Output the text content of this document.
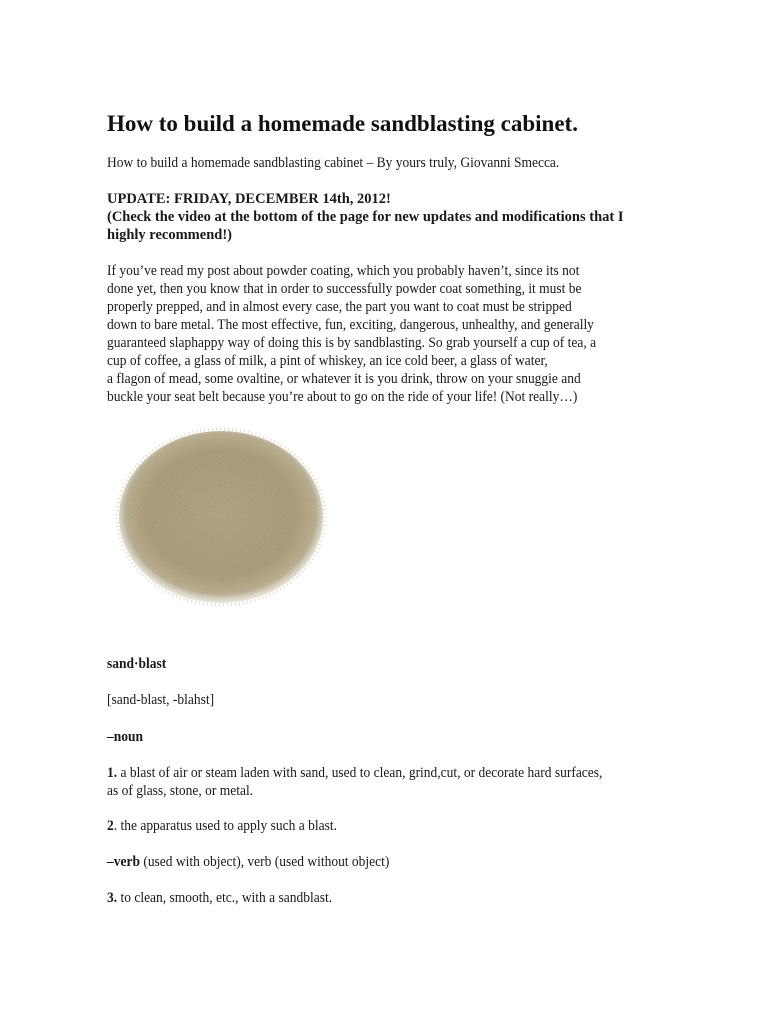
How to build a homemade sandblasting cabinet.

How to build a homemade sandblasting cabinet – By yours truly, Giovanni Smecca.

UPDATE: FRIDAY, DECEMBER 14th, 2012!
(Check the video at the bottom of the page for new updates and modifications that I
highly recommend!)
If you’ve read my post about powder coating, which you probably haven’t, since its not
done yet, then you know that in order to successfully powder coat something, it must be
properly prepped, and in almost every case, the part you want to coat must be stripped
down to bare metal. The most effective, fun, exciting, dangerous, unhealthy, and generally
guaranteed slaphappy way of doing this is by sandblasting. So grab yourself a cup of tea, a
cup of coffee, a glass of milk, a pint of whiskey, an ice cold beer, a glass of water,
a flagon of mead, some ovaltine, or whatever it is you drink, throw on your snuggie and
buckle your seat belt because you’re about to go on the ride of your life! (Not really…)

sand·blast

[sand-blast, -blahst]

–noun

1. a blast of air or steam laden with sand, used to clean, grind,cut, or decorate hard surfaces,
as of glass, stone, or metal.

2. the apparatus used to apply such a blast.

–verb (used with object), verb (used without object)

3. to clean, smooth, etc., with a sandblast.
